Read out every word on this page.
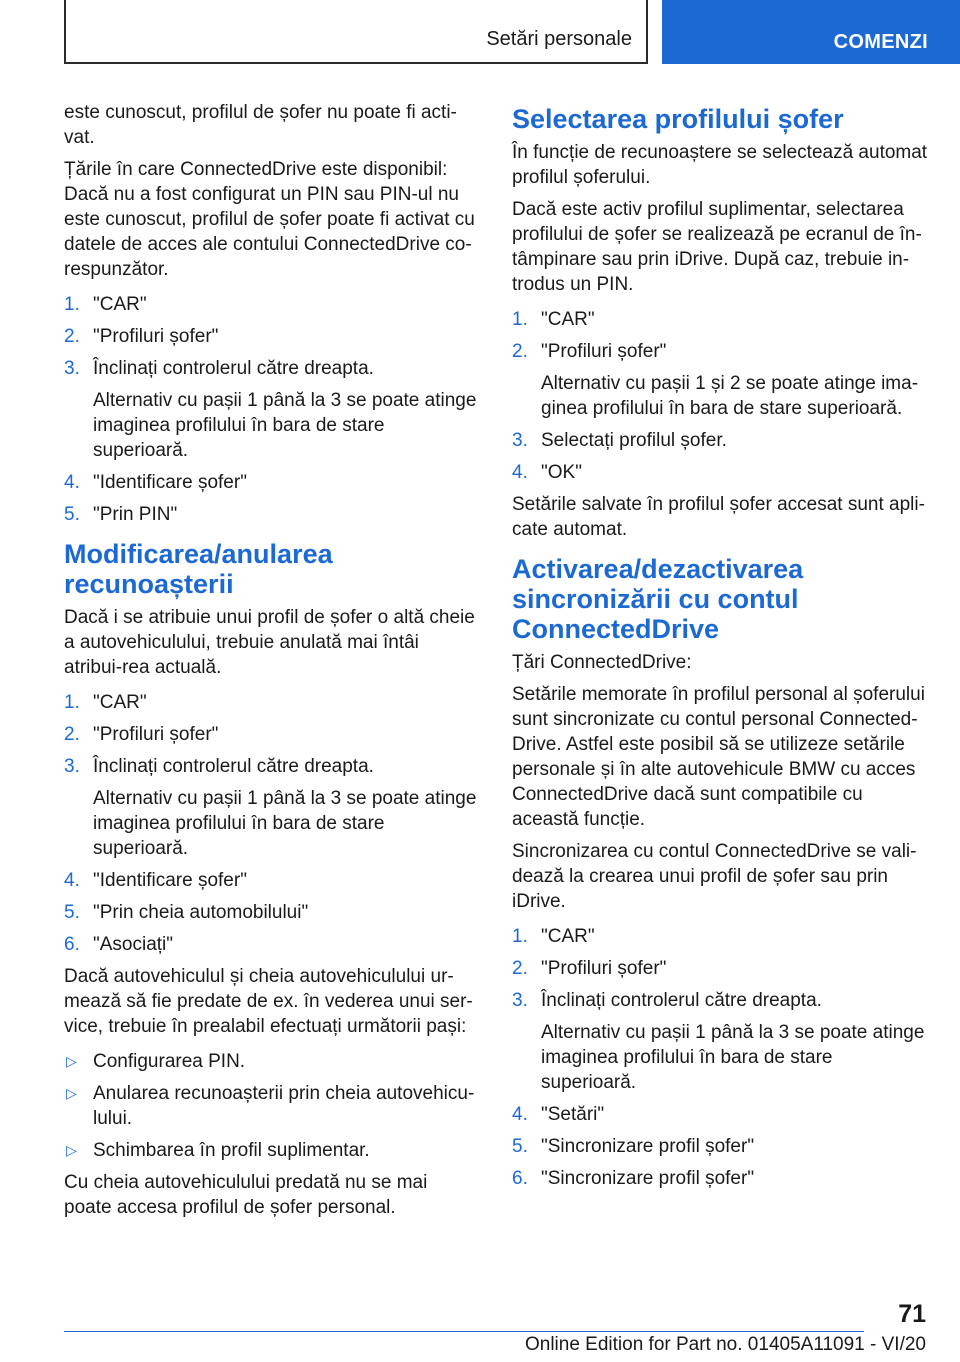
Setări personale	COMENZI

este cunoscut, profilul de șofer nu poate fi acti‐vat.

Țările în care ConnectedDrive este disponibil: Dacă nu a fost configurat un PIN sau PIN-ul nu este cunoscut, profilul de șofer poate fi activat cu datele de acces ale contului ConnectedDrive co‐respunzător.

1. "CAR"
2. "Profiluri șofer"
3. Înclinați controlerul către dreapta.
Alternativ cu pașii 1 până la 3 se poate atinge imaginea profilului în bara de stare superioară.
4. "Identificare șofer"
5. "Prin PIN"
Modificarea/anularea recunoașterii

Dacă i se atribuie unui profil de șofer o altă cheie a autovehiculului, trebuie anulată mai întâi atribui‐rea actuală.

1. "CAR"
2. "Profiluri șofer"
3. Înclinați controlerul către dreapta.
Alternativ cu pașii 1 până la 3 se poate atinge imaginea profilului în bara de stare superioară.
4. "Identificare șofer"
5. "Prin cheia automobilului"
6. "Asociați"

Dacă autovehiculul și cheia autovehiculului ur‐mează să fie predate de ex. în vederea unui ser‐vice, trebuie în prealabil efectuați următorii pași:

▷ Configurarea PIN.
▷ Anularea recunoașterii prin cheia autovehicu‐lului.
▷ Schimbarea în profil suplimentar.

Cu cheia autovehiculului predată nu se mai poate accesa profilul de șofer personal.

Selectarea profilului șofer

În funcție de recunoaștere se selectează automat profilul șoferului.

Dacă este activ profilul suplimentar, selectarea profilului de șofer se realizează pe ecranul de în‐tâmpinare sau prin iDrive. După caz, trebuie in‐trodus un PIN.

1. "CAR"
2. "Profiluri șofer"
Alternativ cu pașii 1 și 2 se poate atinge ima‐ginea profilului în bara de stare superioară.
3. Selectați profilul șofer.
4. "OK"

Setările salvate în profilul șofer accesat sunt apli‐cate automat.

Activarea/dezactivarea sincronizării cu contul ConnectedDrive

Țări ConnectedDrive:

Setările memorate în profilul personal al șoferului sunt sincronizate cu contul personal Connected‐Drive. Astfel este posibil să se utilizeze setările personale și în alte autovehicule BMW cu acces ConnectedDrive dacă sunt compatibile cu această funcție.

Sincronizarea cu contul ConnectedDrive se vali‐dează la crearea unui profil de șofer sau prin iDrive.

1. "CAR"
2. "Profiluri șofer"
3. Înclinați controlerul către dreapta.
Alternativ cu pașii 1 până la 3 se poate atinge imaginea profilului în bara de stare superioară.
4. "Setări"
5. "Sincronizare profil șofer"
6. "Sincronizare profil șofer"
71
Online Edition for Part no. 01405A11091 - VI/20
